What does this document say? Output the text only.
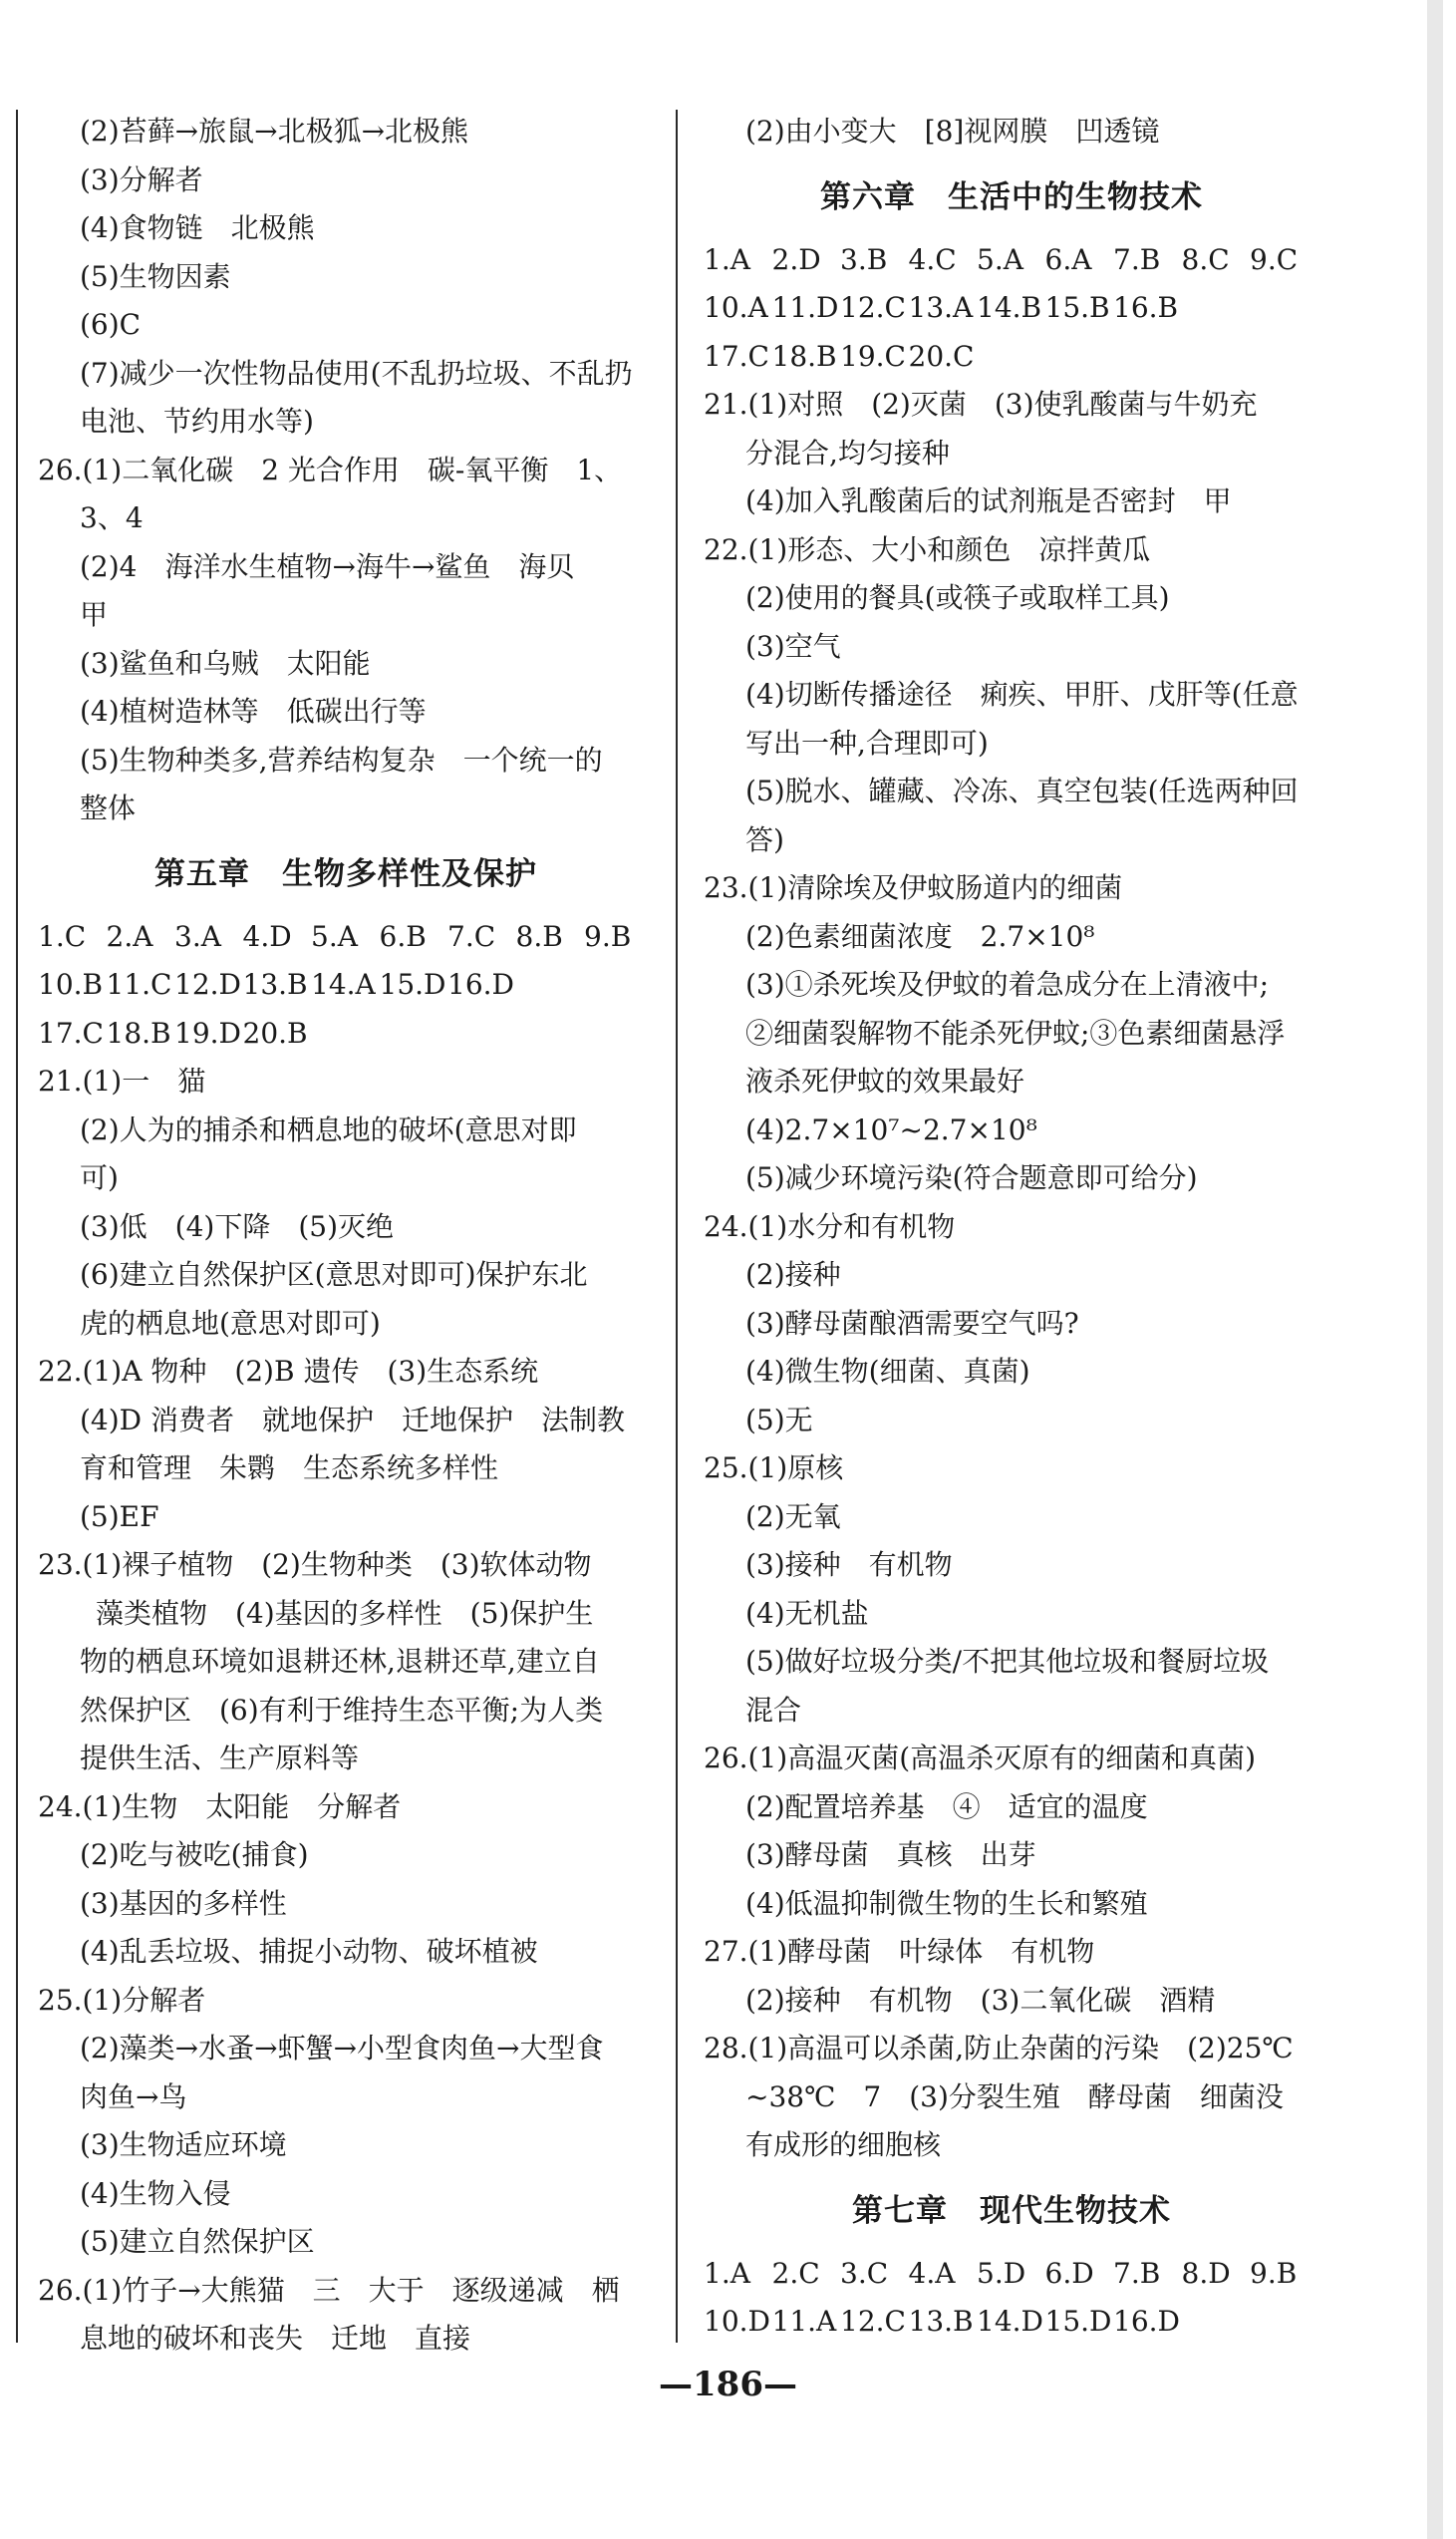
(2)苔藓→旅鼠→北极狐→北极熊
(3)分解者
(4)食物链　北极熊
(5)生物因素
(6)C
(7)减少一次性物品使用(不乱扔垃圾、不乱扔
电池、节约用水等)
26.(1)二氧化碳　2 光合作用　碳-氧平衡　1、
3、4
(2)4　海洋水生植物→海牛→鲨鱼　海贝
甲
(3)鲨鱼和乌贼　太阳能
(4)植树造林等　低碳出行等
(5)生物种类多,营养结构复杂　一个统一的
整体
第五章　生物多样性及保护
1.C 2.A 3.A 4.D 5.A 6.B 7.C 8.B 9.B
10.B 11.C 12.D 13.B 14.A 15.D 16.D
17.C 18.B 19.D 20.B
21.(1)一　猫
(2)人为的捕杀和栖息地的破坏(意思对即
可)
(3)低　(4)下降　(5)灭绝
(6)建立自然保护区(意思对即可)保护东北
虎的栖息地(意思对即可)
22.(1)A 物种　(2)B 遗传　(3)生态系统
(4)D 消费者　就地保护　迁地保护　法制教
育和管理　朱鹮　生态系统多样性
(5)EF
23.(1)裸子植物　(2)生物种类　(3)软体动物
藻类植物　(4)基因的多样性　(5)保护生
物的栖息环境如退耕还林,退耕还草,建立自
然保护区　(6)有利于维持生态平衡;为人类
提供生活、生产原料等
24.(1)生物　太阳能　分解者
(2)吃与被吃(捕食)
(3)基因的多样性
(4)乱丢垃圾、捕捉小动物、破坏植被
25.(1)分解者
(2)藻类→水蚤→虾蟹→小型食肉鱼→大型食
肉鱼→鸟
(3)生物适应环境
(4)生物入侵
(5)建立自然保护区
26.(1)竹子→大熊猫　三　大于　逐级递减　栖
息地的破坏和丧失　迁地　直接
(2)由小变大　[8]视网膜　凹透镜
第六章　生活中的生物技术
1.A 2.D 3.B 4.C 5.A 6.A 7.B 8.C 9.C
10.A 11.D 12.C 13.A 14.B 15.B 16.B
17.C 18.B 19.C 20.C
21.(1)对照　(2)灭菌　(3)使乳酸菌与牛奶充
分混合,均匀接种
(4)加入乳酸菌后的试剂瓶是否密封　甲
22.(1)形态、大小和颜色　凉拌黄瓜
(2)使用的餐具(或筷子或取样工具)
(3)空气
(4)切断传播途径　痢疾、甲肝、戊肝等(任意
写出一种,合理即可)
(5)脱水、罐藏、冷冻、真空包装(任选两种回
答)
23.(1)清除埃及伊蚊肠道内的细菌
(2)色素细菌浓度　2.7×10⁸
(3)①杀死埃及伊蚊的着急成分在上清液中;
②细菌裂解物不能杀死伊蚊;③色素细菌悬浮
液杀死伊蚊的效果最好
(4)2.7×10⁷~2.7×10⁸
(5)减少环境污染(符合题意即可给分)
24.(1)水分和有机物
(2)接种
(3)酵母菌酿酒需要空气吗?
(4)微生物(细菌、真菌)
(5)无
25.(1)原核
(2)无氧
(3)接种　有机物
(4)无机盐
(5)做好垃圾分类/不把其他垃圾和餐厨垃圾
混合
26.(1)高温灭菌(高温杀灭原有的细菌和真菌)
(2)配置培养基　④　适宜的温度
(3)酵母菌　真核　出芽
(4)低温抑制微生物的生长和繁殖
27.(1)酵母菌　叶绿体　有机物
(2)接种　有机物　(3)二氧化碳　酒精
28.(1)高温可以杀菌,防止杂菌的污染　(2)25℃
~38℃　7　(3)分裂生殖　酵母菌　细菌没
有成形的细胞核
第七章　现代生物技术
1.A 2.C 3.C 4.A 5.D 6.D 7.B 8.D 9.B
10.D 11.A 12.C 13.B 14.D 15.D 16.D
—186—
